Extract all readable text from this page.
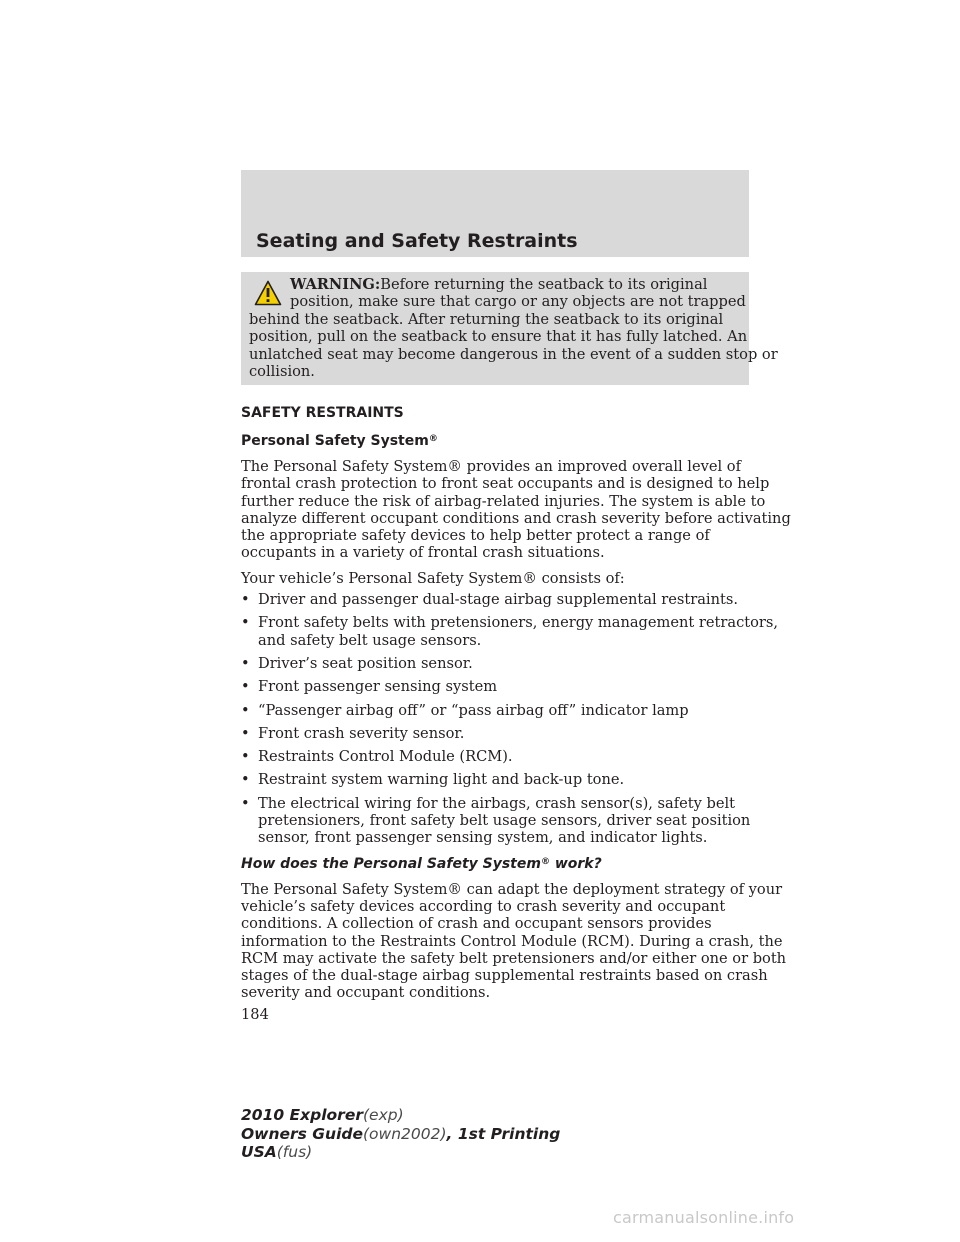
Seating and Safety Restraints
WARNING:Before returning the seatback to its original
position, make sure that cargo or any objects are not trapped
behind the seatback. After returning the seatback to its original
position, pull on the seatback to ensure that it has fully latched. An
unlatched seat may become dangerous in the event of a sudden stop or
collision.
SAFETY RESTRAINTS
Personal Safety System®
The Personal Safety System® provides an improved overall level of
frontal crash protection to front seat occupants and is designed to help
further reduce the risk of airbag-related injuries. The system is able to
analyze different occupant conditions and crash severity before activating
the appropriate safety devices to help better protect a range of
occupants in a variety of frontal crash situations.
Your vehicle’s Personal Safety System® consists of:
• Driver and passenger dual-stage airbag supplemental restraints.
• Front safety belts with pretensioners, energy management retractors,
and safety belt usage sensors.
• Driver’s seat position sensor.
• Front passenger sensing system
• “Passenger airbag off” or “pass airbag off” indicator lamp
• Front crash severity sensor.
• Restraints Control Module (RCM).
• Restraint system warning light and back-up tone.
• The electrical wiring for the airbags, crash sensor(s), safety belt
pretensioners, front safety belt usage sensors, driver seat position
sensor, front passenger sensing system, and indicator lights.
How does the Personal Safety System® work?
The Personal Safety System® can adapt the deployment strategy of your
vehicle’s safety devices according to crash severity and occupant
conditions. A collection of crash and occupant sensors provides
information to the Restraints Control Module (RCM). During a crash, the
RCM may activate the safety belt pretensioners and/or either one or both
stages of the dual-stage airbag supplemental restraints based on crash
severity and occupant conditions.
184
2010 Explorer(exp)
Owners Guide(own2002), 1st Printing
USA(fus)
carmanualsonline.info
